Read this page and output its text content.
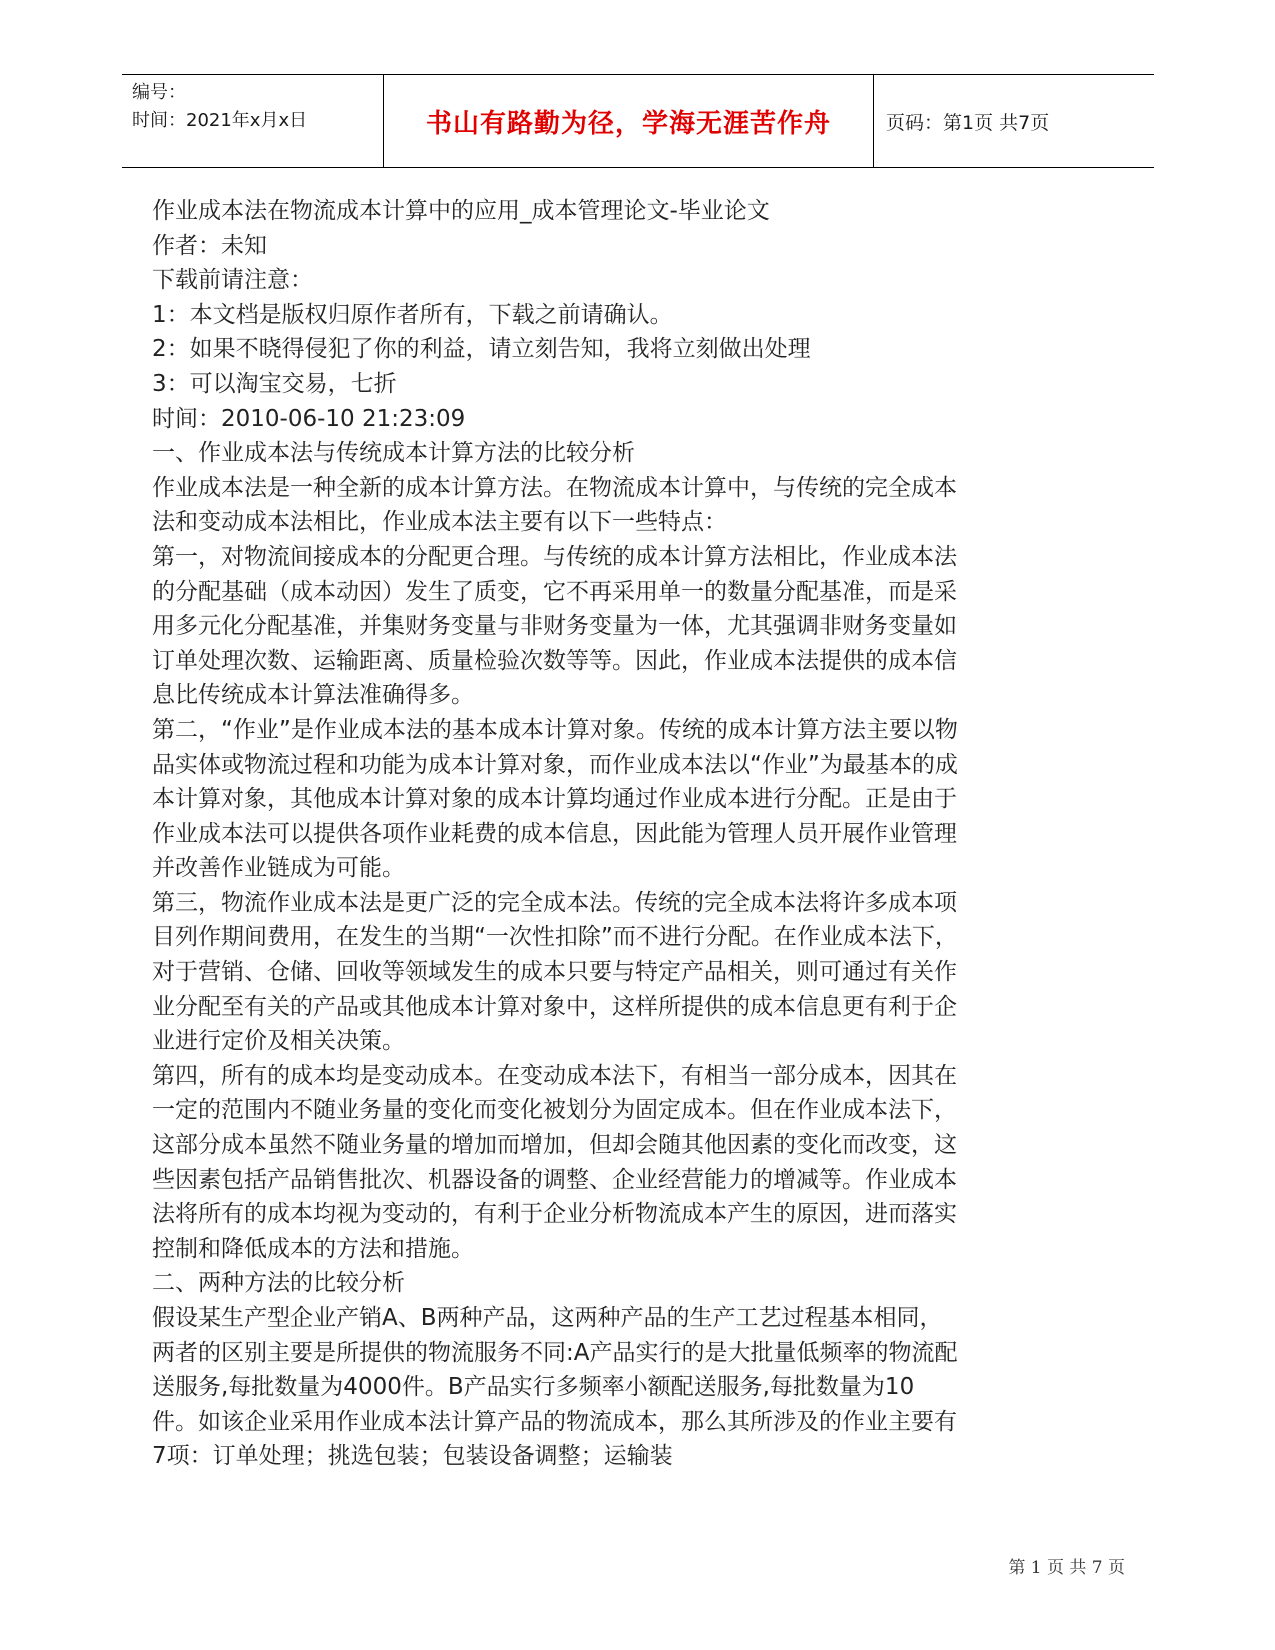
编号：
时间：2021年x月x日	书山有路勤为径，学海无涯苦作舟	页码：第1页 共7页

作业成本法在物流成本计算中的应用_成本管理论文-毕业论文

作者：未知

下载前请注意：

1：本文档是版权归原作者所有，下载之前请确认。

2：如果不晓得侵犯了你的利益，请立刻告知，我将立刻做出处理

3：可以淘宝交易，七折

时间：2010-06-10 21:23:09

一、作业成本法与传统成本计算方法的比较分析

作业成本法是一种全新的成本计算方法。在物流成本计算中，与传统的完全成本法和变动成本法相比，作业成本法主要有以下一些特点：

第一，对物流间接成本的分配更合理。与传统的成本计算方法相比，作业成本法的分配基础（成本动因）发生了质变，它不再采用单一的数量分配基准，而是采用多元化分配基准，并集财务变量与非财务变量为一体，尤其强调非财务变量如订单处理次数、运输距离、质量检验次数等等。因此，作业成本法提供的成本信息比传统成本计算法准确得多。

第二，“作业”是作业成本法的基本成本计算对象。传统的成本计算方法主要以物品实体或物流过程和功能为成本计算对象，而作业成本法以“作业”为最基本的成本计算对象，其他成本计算对象的成本计算均通过作业成本进行分配。正是由于作业成本法可以提供各项作业耗费的成本信息，因此能为管理人员开展作业管理并改善作业链成为可能。

第三，物流作业成本法是更广泛的完全成本法。传统的完全成本法将许多成本项目列作期间费用，在发生的当期“一次性扣除”而不进行分配。在作业成本法下，对于营销、仓储、回收等领域发生的成本只要与特定产品相关，则可通过有关作业分配至有关的产品或其他成本计算对象中，这样所提供的成本信息更有利于企业进行定价及相关决策。

第四，所有的成本均是变动成本。在变动成本法下，有相当一部分成本，因其在一定的范围内不随业务量的变化而变化被划分为固定成本。但在作业成本法下，这部分成本虽然不随业务量的增加而增加，但却会随其他因素的变化而改变，这些因素包括产品销售批次、机器设备的调整、企业经营能力的增减等。作业成本法将所有的成本均视为变动的，有利于企业分析物流成本产生的原因，进而落实控制和降低成本的方法和措施。

二、两种方法的比较分析

假设某生产型企业产销A、B两种产品，这两种产品的生产工艺过程基本相同，两者的区别主要是所提供的物流服务不同:A产品实行的是大批量低频率的物流配送服务,每批数量为4000件。B产品实行多频率小额配送服务,每批数量为10件。如该企业采用作业成本法计算产品的物流成本，那么其所涉及的作业主要有7项：订单处理；挑选包装；包装设备调整；运输装

第 1 页 共 7 页
